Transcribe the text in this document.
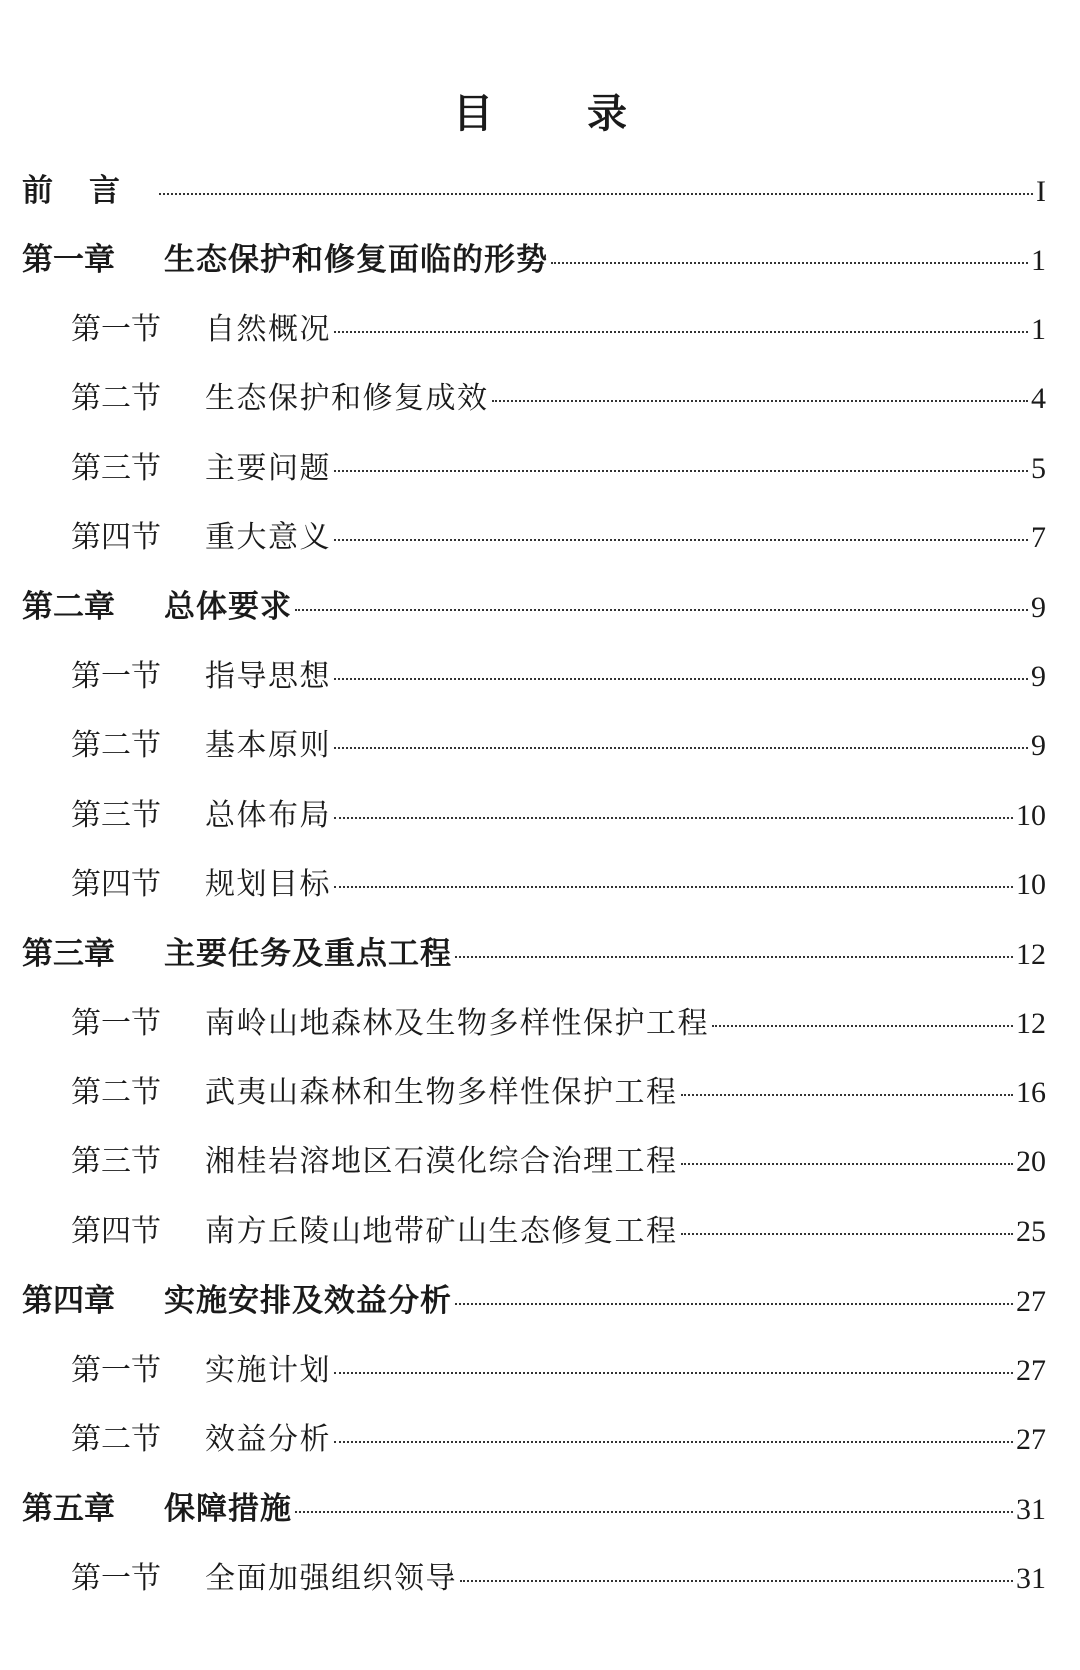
目 录
前言	I
第一章	生态保护和修复面临的形势	1
第一节	自然概况	1
第二节	生态保护和修复成效	4
第三节	主要问题	5
第四节	重大意义	7
第二章	总体要求	9
第一节	指导思想	9
第二节	基本原则	9
第三节	总体布局	10
第四节	规划目标	10
第三章	主要任务及重点工程	12
第一节	南岭山地森林及生物多样性保护工程	12
第二节	武夷山森林和生物多样性保护工程	16
第三节	湘桂岩溶地区石漠化综合治理工程	20
第四节	南方丘陵山地带矿山生态修复工程	25
第四章	实施安排及效益分析	27
第一节	实施计划	27
第二节	效益分析	27
第五章	保障措施	31
第一节	全面加强组织领导	31
